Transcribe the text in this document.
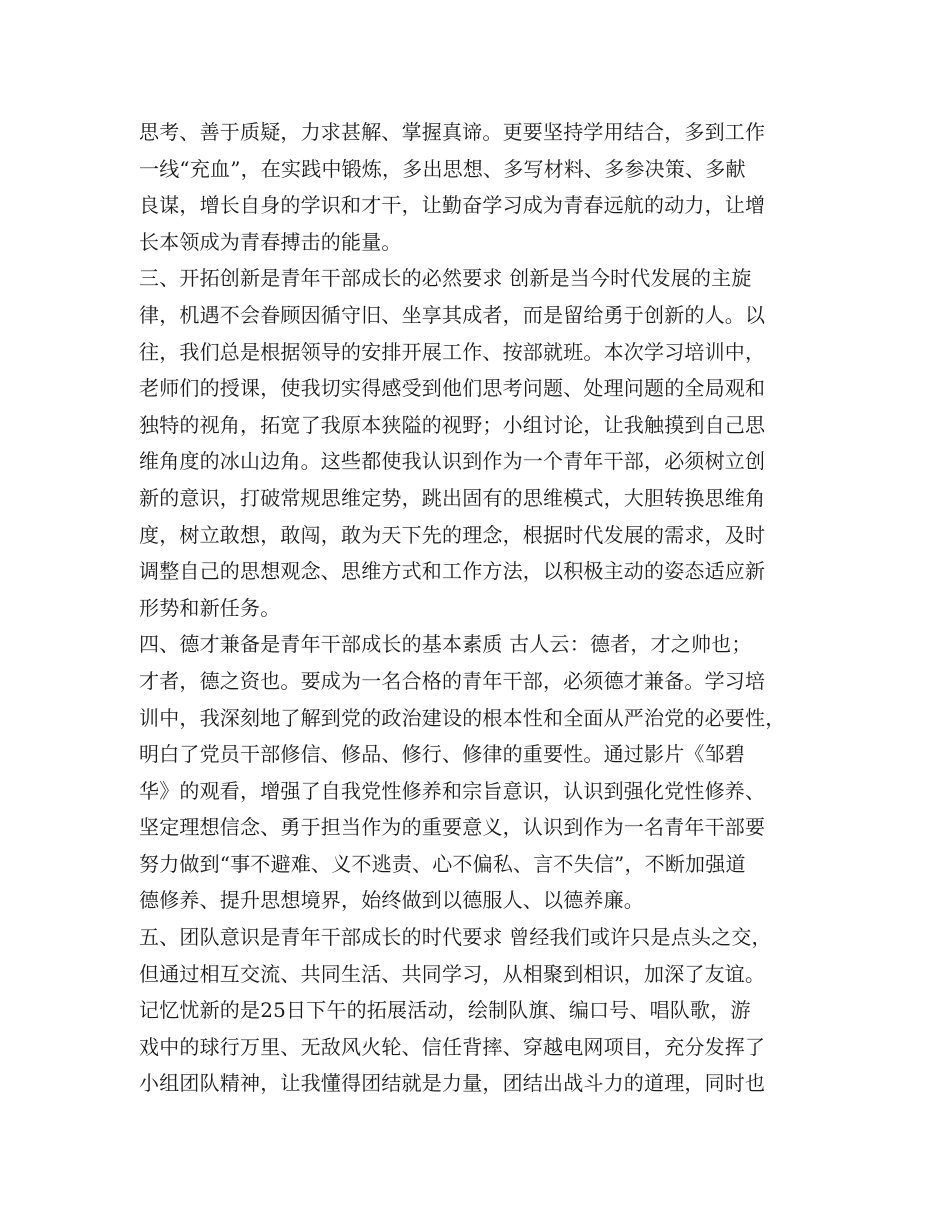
思考、善于质疑，力求甚解、掌握真谛。更要坚持学用结合，多到工作
一线“充血”，在实践中锻炼，多出思想、多写材料、多参决策、多献
良谋，增长自身的学识和才干，让勤奋学习成为青春远航的动力，让增
长本领成为青春搏击的能量。
三、开拓创新是青年干部成长的必然要求 创新是当今时代发展的主旋
律，机遇不会眷顾因循守旧、坐享其成者，而是留给勇于创新的人。以
往，我们总是根据领导的安排开展工作、按部就班。本次学习培训中，
老师们的授课，使我切实得感受到他们思考问题、处理问题的全局观和
独特的视角，拓宽了我原本狭隘的视野；小组讨论，让我触摸到自己思
维角度的冰山边角。这些都使我认识到作为一个青年干部，必须树立创
新的意识，打破常规思维定势，跳出固有的思维模式，大胆转换思维角
度，树立敢想，敢闯，敢为天下先的理念，根据时代发展的需求，及时
调整自己的思想观念、思维方式和工作方法，以积极主动的姿态适应新
形势和新任务。
四、德才兼备是青年干部成长的基本素质 古人云：德者，才之帅也；
才者，德之资也。要成为一名合格的青年干部，必须德才兼备。学习培
训中，我深刻地了解到党的政治建设的根本性和全面从严治党的必要性，
明白了党员干部修信、修品、修行、修律的重要性。通过影片《邹碧
华》的观看，增强了自我党性修养和宗旨意识，认识到强化党性修养、
坚定理想信念、勇于担当作为的重要意义，认识到作为一名青年干部要
努力做到“事不避难、义不逃责、心不偏私、言不失信”，不断加强道
德修养、提升思想境界，始终做到以德服人、以德养廉。
五、团队意识是青年干部成长的时代要求 曾经我们或许只是点头之交，
但通过相互交流、共同生活、共同学习，从相聚到相识，加深了友谊。
记忆忧新的是25日下午的拓展活动，绘制队旗、编口号、唱队歌，游
戏中的球行万里、无敌风火轮、信任背摔、穿越电网项目，充分发挥了
小组团队精神，让我懂得团结就是力量，团结出战斗力的道理，同时也
